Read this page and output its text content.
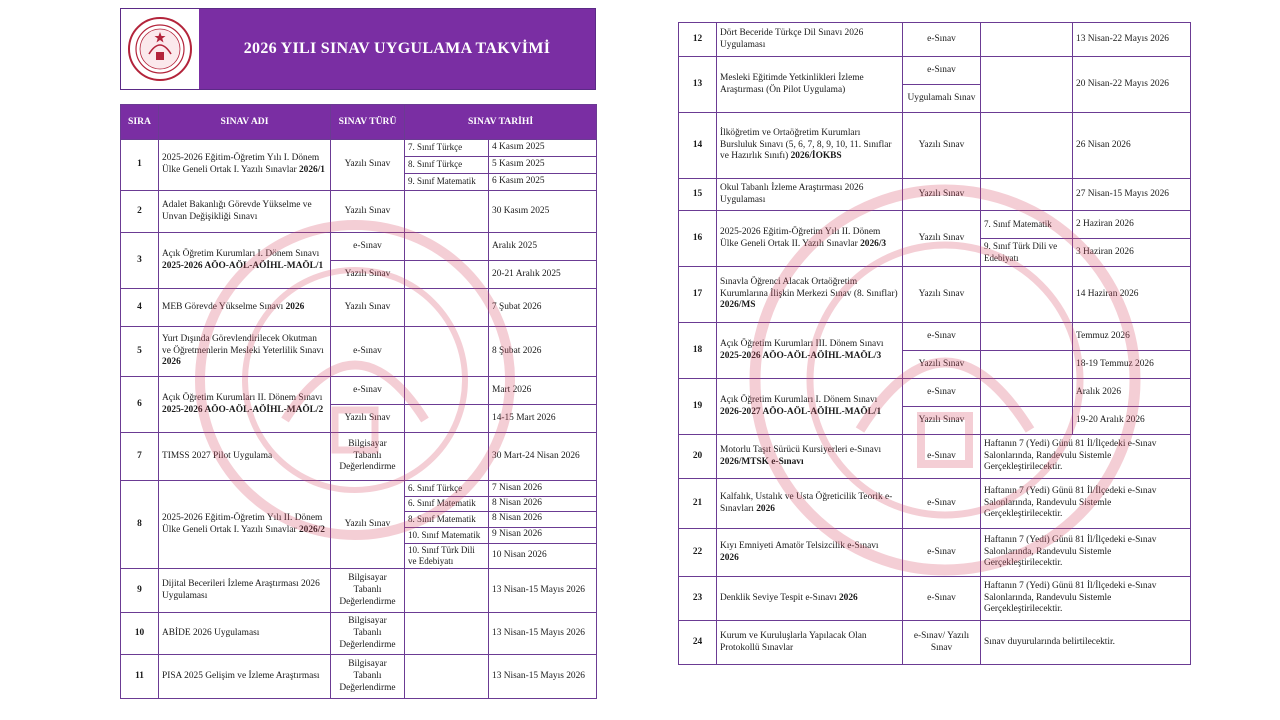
2026 YILI SINAV UYGULAMA TAKVİMİ
SIRA	SINAV ADI	SINAV TÜRÜ	SINAV TARİHİ	
1	2025-2026 Eğitim-Öğretim Yılı I. Dönem Ülke Geneli Ortak I. Yazılı Sınavlar 2026/1	Yazılı Sınav	7. Sınıf Türkçe	4 Kasım 2025
			8. Sınıf Türkçe	5 Kasım 2025
			9. Sınıf Matematik	6 Kasım 2025
2	Adalet Bakanlığı Görevde Yükselme ve Unvan Değişikliği Sınavı	Yazılı Sınav		30 Kasım 2025
3	Açık Öğretim Kurumları I. Dönem Sınavı 2025-2026 AÖO-AÖL-AÖİHL-MAÖL/1	e-Sınav		Aralık 2025
		Yazılı Sınav		20-21 Aralık 2025
4	MEB Görevde Yükselme Sınavı 2026	Yazılı Sınav		7 Şubat 2026
5	Yurt Dışında Görevlendirilecek Okutman ve Öğretmenlerin Mesleki Yeterlilik Sınavı 2026	e-Sınav		8 Şubat 2026
6	Açık Öğretim Kurumları II. Dönem Sınavı 2025-2026 AÖO-AÖL-AÖİHL-MAÖL/2	e-Sınav		Mart 2026
		Yazılı Sınav		14-15 Mart 2026
7	TIMSS 2027 Pilot Uygulama	Bilgisayar Tabanlı Değerlendirme		30 Mart-24 Nisan 2026
8	2025-2026 Eğitim-Öğretim Yılı II. Dönem Ülke Geneli Ortak I. Yazılı Sınavlar 2026/2	Yazılı Sınav	6. Sınıf Türkçe	7 Nisan 2026
			6. Sınıf Matematik	8 Nisan 2026
			8. Sınıf Matematik	8 Nisan 2026
			10. Sınıf Matematik	9 Nisan 2026
			10. Sınıf Türk Dili ve Edebiyatı	10 Nisan 2026
9	Dijital Becerileri İzleme Araştırması 2026 Uygulaması	Bilgisayar Tabanlı Değerlendirme		13 Nisan-15 Mayıs 2026
10	ABİDE 2026 Uygulaması	Bilgisayar Tabanlı Değerlendirme		13 Nisan-15 Mayıs 2026
11	PISA 2025 Gelişim ve İzleme Araştırması	Bilgisayar Tabanlı Değerlendirme		13 Nisan-15 Mayıs 2026
12	Dört Beceride Türkçe Dil Sınavı 2026 Uygulaması	e-Sınav		13 Nisan-22 Mayıs 2026
13	Mesleki Eğitimde Yetkinlikleri İzleme Araştırması (Ön Pilot Uygulama)	e-Sınav		20 Nisan-22 Mayıs 2026
		Uygulamalı Sınav		
14	İlköğretim ve Ortaöğretim Kurumları Bursluluk Sınavı (5, 6, 7, 8, 9, 10, 11. Sınıflar ve Hazırlık Sınıfı) 2026/İOKBS	Yazılı Sınav		26 Nisan 2026
15	Okul Tabanlı İzleme Araştırması 2026 Uygulaması	Yazılı Sınav		27 Nisan-15 Mayıs 2026
16	2025-2026 Eğitim-Öğretim Yılı II. Dönem Ülke Geneli Ortak II. Yazılı Sınavlar 2026/3	Yazılı Sınav	7. Sınıf Matematik	2 Haziran 2026
			9. Sınıf Türk Dili ve Edebiyatı	3 Haziran 2026
17	Sınavla Öğrenci Alacak Ortaöğretim Kurumlarına İlişkin Merkezi Sınav (8. Sınıflar) 2026/MS	Yazılı Sınav		14 Haziran 2026
18	Açık Öğretim Kurumları III. Dönem Sınavı 2025-2026 AÖO-AÖL-AÖİHL-MAÖL/3	e-Sınav		Temmuz 2026
		Yazılı Sınav		18-19 Temmuz 2026
19	Açık Öğretim Kurumları I. Dönem Sınavı 2026-2027 AÖO-AÖL-AÖİHL-MAÖL/1	e-Sınav		Aralık 2026
		Yazılı Sınav		19-20 Aralık 2026
20	Motorlu Taşıt Sürücü Kursiyerleri e-Sınavı 2026/MTSK e-Sınavı	e-Sınav	Haftanın 7 (Yedi) Günü 81 İl/İlçedeki e-Sınav Salonlarında, Randevulu Sistemle Gerçekleştirilecektir.	
21	Kalfalık, Ustalık ve Usta Öğreticilik Teorik e-Sınavları 2026	e-Sınav	Haftanın 7 (Yedi) Günü 81 İl/İlçedeki e-Sınav Salonlarında, Randevulu Sistemle Gerçekleştirilecektir.	
22	Kıyı Emniyeti Amatör Telsizcilik e-Sınavı 2026	e-Sınav	Haftanın 7 (Yedi) Günü 81 İl/İlçedeki e-Sınav Salonlarında, Randevulu Sistemle Gerçekleştirilecektir.	
23	Denklik Seviye Tespit e-Sınavı 2026	e-Sınav	Haftanın 7 (Yedi) Günü 81 İl/İlçedeki e-Sınav Salonlarında, Randevulu Sistemle Gerçekleştirilecektir.	
24	Kurum ve Kuruluşlarla Yapılacak Olan Protokollü Sınavlar	e-Sınav/ Yazılı Sınav	Sınav duyurularında belirtilecektir.	
